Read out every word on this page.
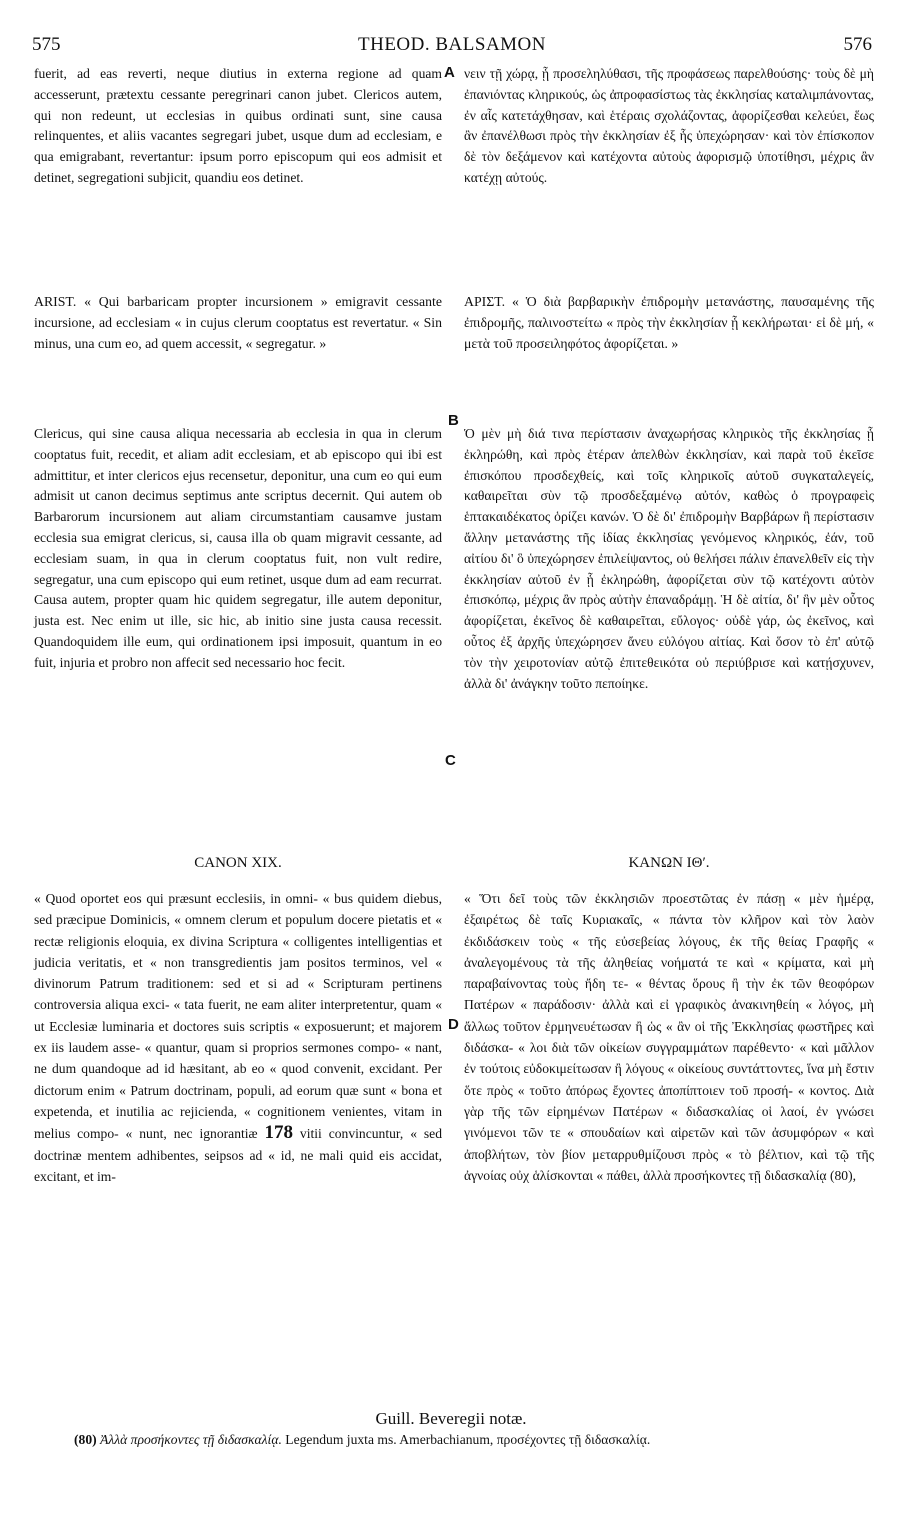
575	THEOD. BALSAMON	576

fuerit, ad eas reverti, neque diutius in externa regione ad quam accesserunt, prætextu cessante peregrinari canon jubet. Clericos autem, qui non redeunt, ut ecclesias in quibus ordinati sunt, sine causa relinquentes, et aliis vacantes segregari jubet, usque dum ad ecclesiam, e qua emigrabant, revertantur: ipsum porro episcopum qui eos admisit et detinet, segregationi subjicit, quandiu eos detinet.

A νειν τῇ χώρᾳ, ᾗ προσεληλύθασι, τῆς προφάσεως παρελθούσης· τοὺς δὲ μὴ ἐπανιόντας κληρικούς, ὡς ἀπροφασίστως τὰς ἐκκλησίας καταλιμπάνοντας, ἐν αἷς κατετάχθησαν, καὶ ἑτέραις σχολάζοντας, ἀφορίζεσθαι κελεύει, ἕως ἂν ἐπανέλθωσι πρὸς τὴν ἐκκλησίαν ἐξ ἧς ὑπεχώρησαν· καὶ τὸν ἐπίσκοπον δὲ τὸν δεξάμενον καὶ κατέχοντα αὐτοὺς ἀφορισμῷ ὑποτίθησι, μέχρις ἂν κατέχῃ αὐτούς.

ARIST. « Qui barbaricam propter incursionem » emigravit cessante incursione, ad ecclesiam « in cujus clerum cooptatus est revertatur. « Sin minus, una cum eo, ad quem accessit, « segregatur. »

ΑΡΙΣΤ. « Ὁ διὰ βαρβαρικὴν ἐπιδρομὴν μετανάστης, παυσαμένης τῆς ἐπιδρομῆς, παλινοστείτω « πρὸς τὴν ἐκκλησίαν ᾗ κεκλήρωται· εἰ δὲ μή, « μετὰ τοῦ προσειληφότος ἀφορίζεται. »

B

Clericus, qui sine causa aliqua necessaria ab ecclesia in qua in clerum cooptatus fuit, recedit, et aliam adit ecclesiam, et ab episcopo qui ibi est admittitur, et inter clericos ejus recensetur, deponitur, una cum eo qui eum admisit ut canon decimus septimus ante scriptus decernit. Qui autem ob Barbarorum incursionem aut aliam circumstantiam causamve justam ecclesia sua emigrat clericus, si, causa illa ob quam migravit cessante, ad ecclesiam suam, in qua in clerum cooptatus fuit, non vult redire, segregatur, una cum episcopo qui eum retinet, usque dum ad eam recurrat. Causa autem, propter quam hic quidem segregatur, ille autem deponitur, justa est. Nec enim ut ille, sic hic, ab initio sine justa causa recessit. Quandoquidem ille eum, qui ordinationem ipsi imposuit, quantum in eo fuit, injuria et probro non affecit sed necessario hoc fecit.

Ὁ μὲν μὴ διά τινα περίστασιν ἀναχωρήσας κληρικὸς τῆς ἐκκλησίας ᾗ ἐκληρώθη, καὶ πρὸς ἑτέραν ἀπελθὼν ἐκκλησίαν, καὶ παρὰ τοῦ ἐκεῖσε ἐπισκόπου προσδεχθείς, καὶ τοῖς κληρικοῖς αὐτοῦ συγκαταλεγείς, καθαιρεῖται σὺν τῷ προσδεξαμένῳ αὐτόν, καθὼς ὁ προγραφεὶς ἑπτακαιδέκατος ὁρίζει κανών. Ὁ δὲ δι' ἐπιδρομὴν Βαρβάρων ἢ περίστασιν ἄλλην μετανάστης τῆς ἰδίας ἐκκλησίας γενόμενος κληρικός, ἐάν, τοῦ αἰτίου δι' ὃ ὑπεχώρησεν ἐπιλείψαντος, οὐ θελήσει πάλιν ἐπανελθεῖν εἰς τὴν ἐκκλησίαν αὐτοῦ ἐν ᾗ ἐκληρώθη, ἀφορίζεται σὺν τῷ κατέχοντι αὐτὸν ἐπισκόπῳ, μέχρις ἂν πρὸς αὐτὴν ἐπαναδράμῃ. Ἡ δὲ αἰτία, δι' ἣν μὲν οὗτος ἀφορίζεται, ἐκεῖνος δὲ καθαιρεῖται, εὔλογος· οὐδὲ γάρ, ὡς ἐκεῖνος, καὶ οὗτος ἐξ ἀρχῆς ὑπεχώρησεν ἄνευ εὐλόγου αἰτίας. Καὶ ὅσον τὸ ἐπ' αὐτῷ τὸν τὴν χειροτονίαν αὐτῷ ἐπιτεθεικότα οὐ περιύβρισε καὶ κατῄσχυνεν, ἀλλὰ δι' ἀνάγκην τοῦτο πεποίηκε.

C
CANON XIX.	ΚΑΝΩΝ ΙΘʹ.

« Quod oportet eos qui præsunt ecclesiis, in omni- « bus quidem diebus, sed præcipue Dominicis, « omnem clerum et populum docere pietatis et « rectæ religionis eloquia, ex divina Scriptura « colligentes intelligentias et judicia veritatis, et « non transgredientis jam positos terminos, vel « divinorum Patrum traditionem: sed et si ad « Scripturam pertinens controversia aliqua exci- « tata fuerit, ne eam aliter interpretentur, quam « ut Ecclesiæ luminaria et doctores suis scriptis « exposuerunt; et majorem ex iis laudem asse- « quantur, quam si proprios sermones compo- « nant, ne dum quandoque ad id hæsitant, ab eo « quod convenit, excidant. Per dictorum enim « Patrum doctrinam, populi, ad eorum quæ sunt « bona et expetenda, et inutilia ac rejicienda, « cognitionem venientes, vitam in melius compo- « nunt, nec ignorantiæ 178 vitii convincuntur, « sed doctrinæ mentem adhibentes, seipsos ad « id, ne mali quid eis accidat, excitant, et im-

D

« Ὅτι δεῖ τοὺς τῶν ἐκκλησιῶν προεστῶτας ἐν πάσῃ « μὲν ἡμέρᾳ, ἐξαιρέτως δὲ ταῖς Κυριακαῖς, « πάντα τὸν κλῆρον καὶ τὸν λαὸν ἐκδιδάσκειν τοὺς « τῆς εὐσεβείας λόγους, ἐκ τῆς θείας Γραφῆς « ἀναλεγομένους τὰ τῆς ἀληθείας νοήματά τε καὶ « κρίματα, καὶ μὴ παραβαίνοντας τοὺς ἤδη τε- « θέντας ὅρους ἢ τὴν ἐκ τῶν θεοφόρων Πατέρων « παράδοσιν· ἀλλὰ καὶ εἰ γραφικὸς ἀνακινηθείη « λόγος, μὴ ἄλλως τοῦτον ἑρμηνευέτωσαν ἢ ὡς « ἂν οἱ τῆς Ἐκκλησίας φωστῆρες καὶ διδάσκα- « λοι διὰ τῶν οἰκείων συγγραμμάτων παρέθεντο· « καὶ μᾶλλον ἐν τούτοις εὐδοκιμείτωσαν ἢ λόγους « οἰκείους συντάττοντες, ἵνα μὴ ἔστιν ὅτε πρὸς « τοῦτο ἀπόρως ἔχοντες ἀποπίπτοιεν τοῦ προσή- « κοντος. Διὰ γὰρ τῆς τῶν εἰρημένων Πατέρων « διδασκαλίας οἱ λαοί, ἐν γνώσει γινόμενοι τῶν τε « σπουδαίων καὶ αἱρετῶν καὶ τῶν ἀσυμφόρων « καὶ ἀποβλήτων, τὸν βίον μεταρρυθμίζουσι πρὸς « τὸ βέλτιον, καὶ τῷ τῆς ἀγνοίας οὐχ ἁλίσκονται « πάθει, ἀλλὰ προσήκοντες τῇ διδασκαλίᾳ (80),

Guill. Beveregii notæ.
(80) Ἀλλὰ προσήκοντες τῇ διδασκαλίᾳ. Legendum juxta ms. Amerbachianum, προσέχοντες τῇ διδασκαλίᾳ.
